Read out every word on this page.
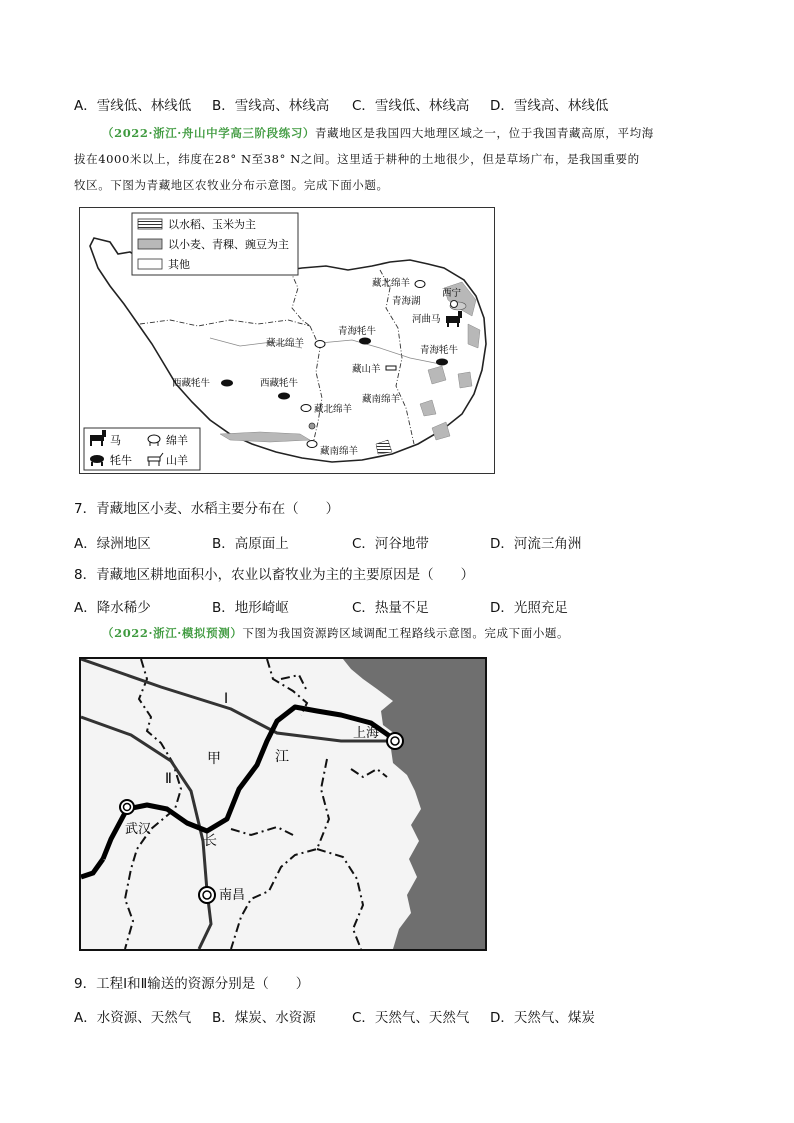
A．雪线低、林线低	B．雪线高、林线高	C．雪线低、林线高	D．雪线高、林线低
（2022·浙江·舟山中学高三阶段练习）青藏地区是我国四大地理区域之一，位于我国青藏高原，平均海
拔在4000米以上，纬度在28° N至38° N之间。这里适于耕种的土地很少，但是草场广布，是我国重要的
牧区。下图为青藏地区农牧业分布示意图。完成下面小题。
以水稻、玉米为主
以小麦、青稞、豌豆为主
其他
马	绵羊
牦牛	山羊
藏北绵羊
青海湖
西宁
河曲马
青海牦牛
藏北绵羊
青海牦牛
西藏牦牛	西藏牦牛
藏山羊
藏南绵羊
藏北绵羊
藏南绵羊
7．青藏地区小麦、水稻主要分布在（　　）
A．绿洲地区	B．高原面上	C．河谷地带	D．河流三角洲
8．青藏地区耕地面积小，农业以畜牧业为主的主要原因是（　　）
A．降水稀少	B．地形崎岖	C．热量不足	D．光照充足
（2022·浙江·模拟预测）下图为我国资源跨区域调配工程路线示意图。完成下面小题。
Ⅰ
Ⅱ
甲	江
长
上海
武汉
南昌
9．工程Ⅰ和Ⅱ输送的资源分别是（　　）
A．水资源、天然气	B．煤炭、水资源	C．天然气、天然气	D．天然气、煤炭
